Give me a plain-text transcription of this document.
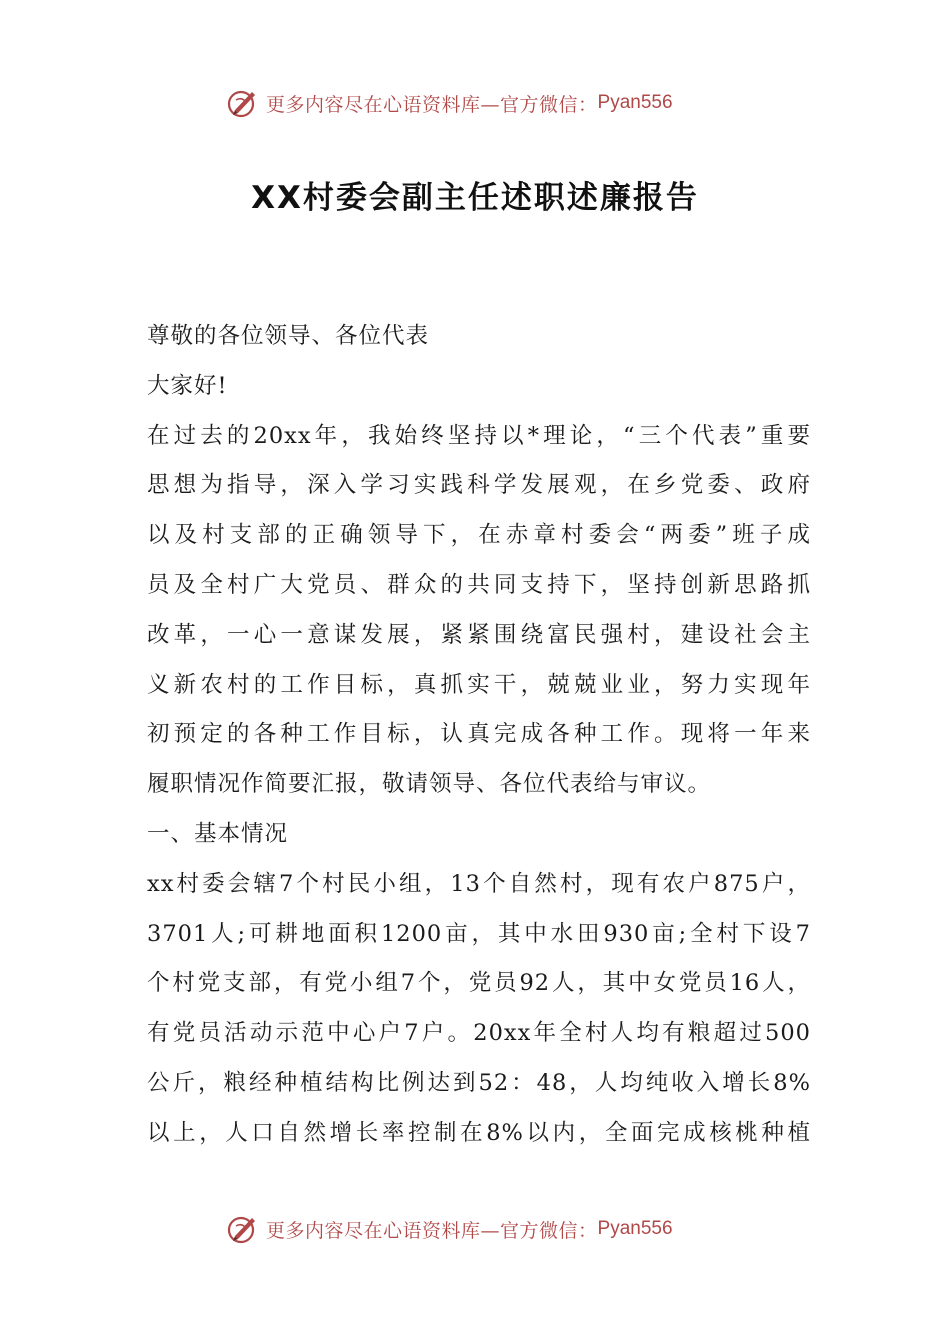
更多内容尽在心语资料库—官方微信： Pyan556
XX村委会副主任述职述廉报告
尊敬的各位领导、各位代表
大家好!
在过去的20xx年，我始终坚持以*理论，“三个代表”重要
思想为指导，深入学习实践科学发展观，在乡党委、政府
以及村支部的正确领导下，在赤章村委会“两委”班子成
员及全村广大党员、群众的共同支持下，坚持创新思路抓
改革，一心一意谋发展，紧紧围绕富民强村，建设社会主
义新农村的工作目标，真抓实干，兢兢业业，努力实现年
初预定的各种工作目标，认真完成各种工作。现将一年来
履职情况作简要汇报，敬请领导、各位代表给与审议。
一、基本情况
xx村委会辖7个村民小组，13个自然村，现有农户875户，
3701人;可耕地面积1200亩，其中水田930亩;全村下设7
个村党支部，有党小组7个，党员92人，其中女党员16人，
有党员活动示范中心户7户。20xx年全村人均有粮超过500
公斤，粮经种植结构比例达到52：48，人均纯收入增长8%
以上，人口自然增长率控制在8%以内，全面完成核桃种植
更多内容尽在心语资料库—官方微信： Pyan556
